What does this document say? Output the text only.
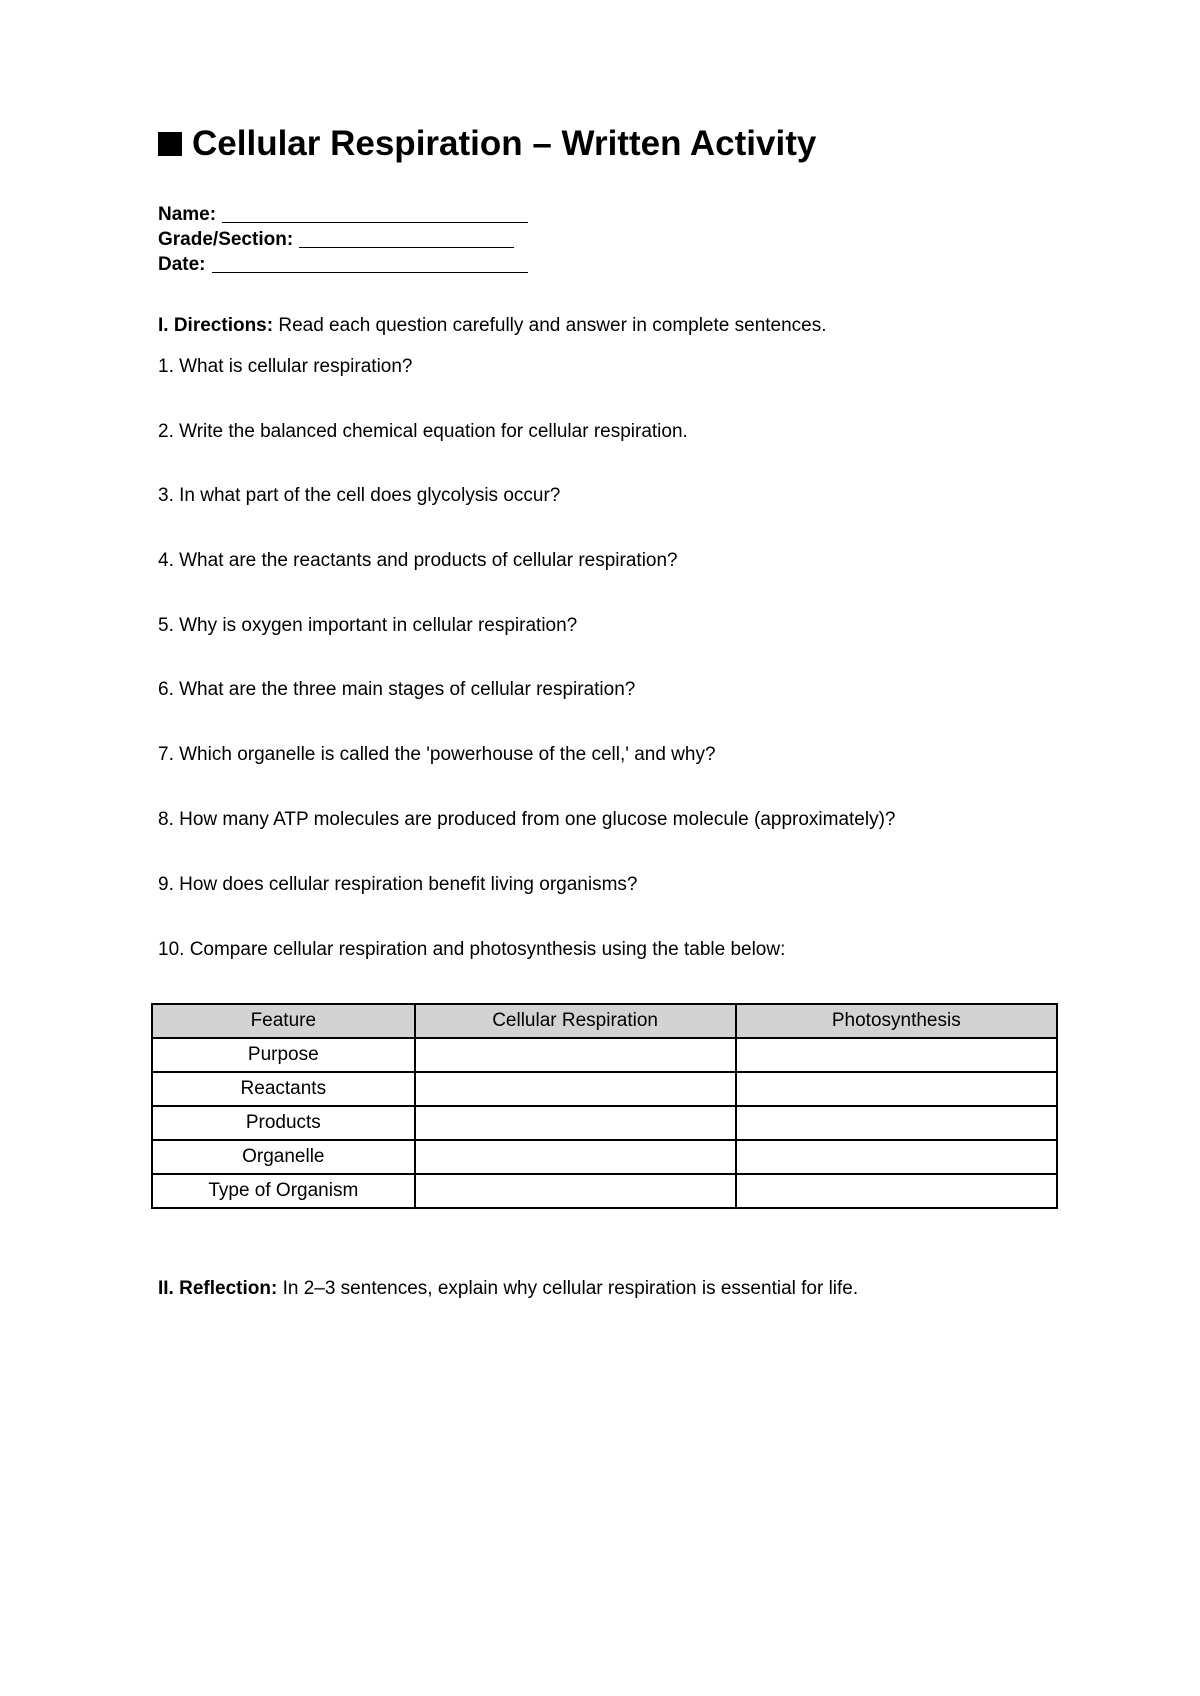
Cellular Respiration – Written Activity
Name:
Grade/Section:
Date:
I. Directions: Read each question carefully and answer in complete sentences.
1. What is cellular respiration?
2. Write the balanced chemical equation for cellular respiration.
3. In what part of the cell does glycolysis occur?
4. What are the reactants and products of cellular respiration?
5. Why is oxygen important in cellular respiration?
6. What are the three main stages of cellular respiration?
7. Which organelle is called the 'powerhouse of the cell,' and why?
8. How many ATP molecules are produced from one glucose molecule (approximately)?
9. How does cellular respiration benefit living organisms?
10. Compare cellular respiration and photosynthesis using the table below:
Feature	Cellular Respiration	Photosynthesis
Purpose		
Reactants		
Products		
Organelle		
Type of Organism		
II. Reflection: In 2–3 sentences, explain why cellular respiration is essential for life.
